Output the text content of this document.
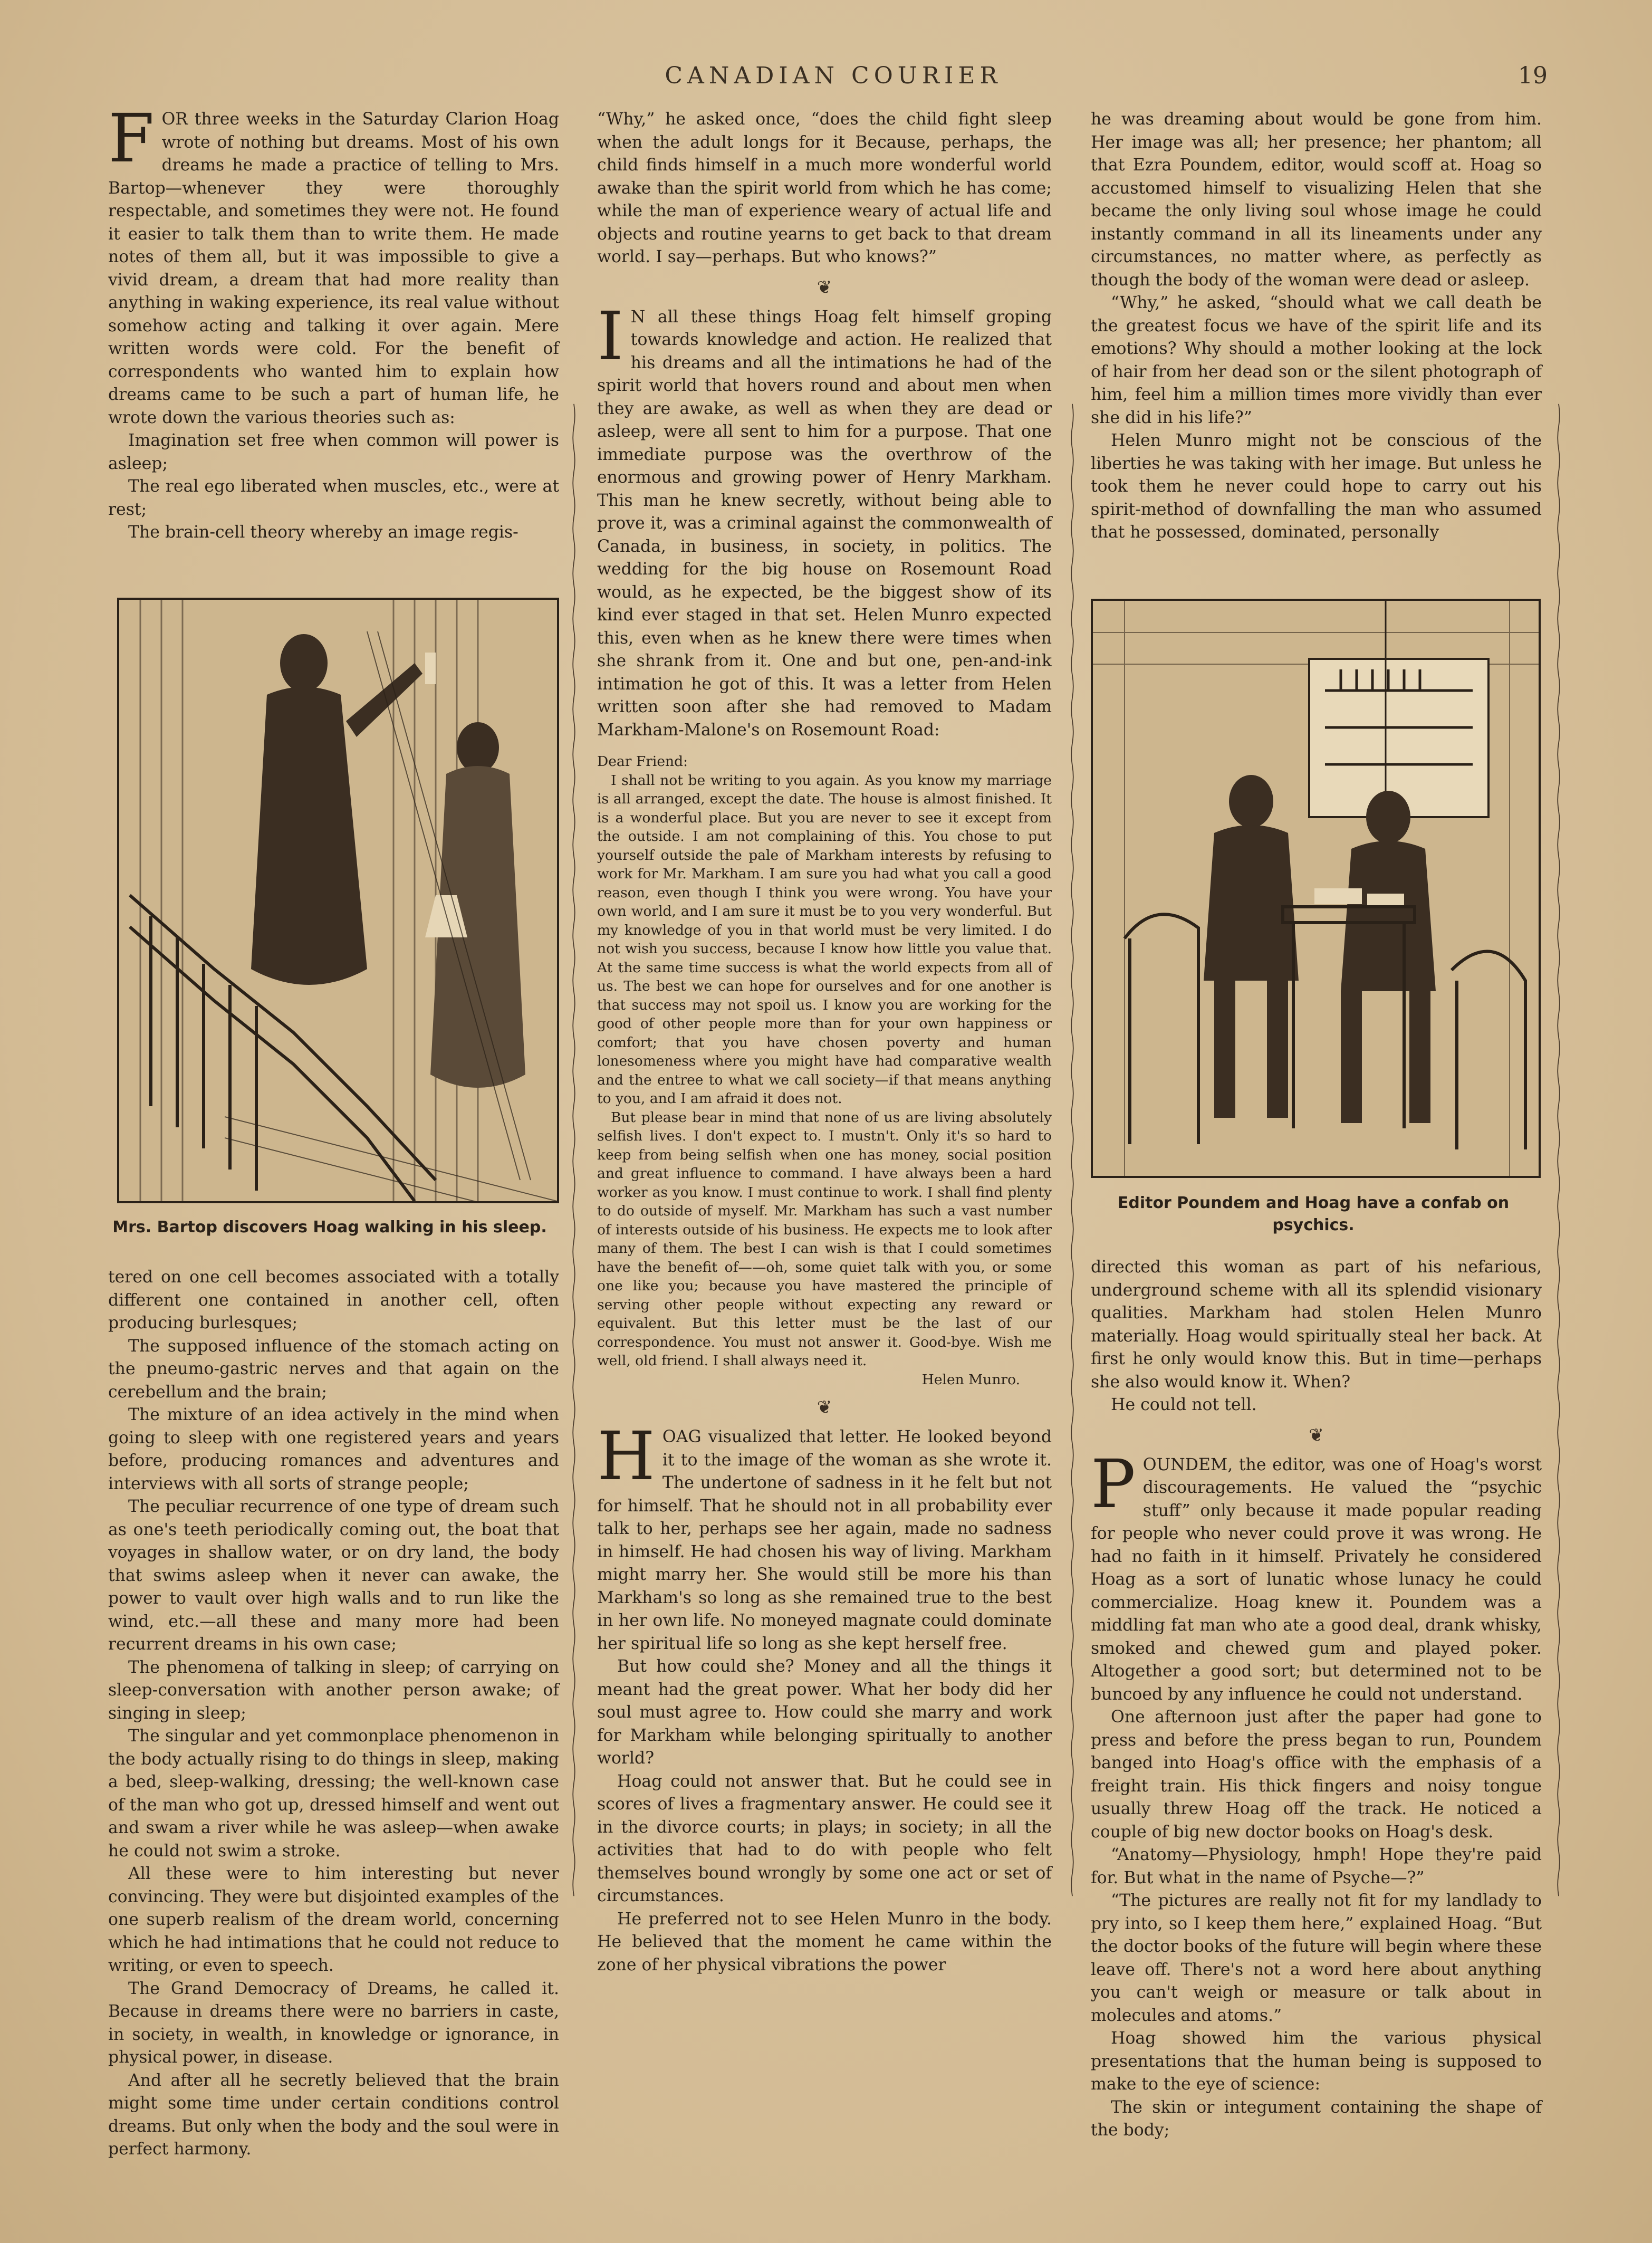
CANADIAN COURIER	19

FOR three weeks in the Saturday Clarion Hoag wrote of nothing but dreams. Most of his own dreams he made a practice of telling to Mrs. Bartop—whenever they were thoroughly respectable, and sometimes they were not. He found it easier to talk them than to write them. He made notes of them all, but it was impossible to give a vivid dream, a dream that had more reality than anything in waking experience, its real value without somehow acting and talking it over again. Mere written words were cold. For the benefit of correspondents who wanted him to explain how dreams came to be such a part of human life, he wrote down the various theories such as:

Imagination set free when common will power is asleep;

The real ego liberated when muscles, etc., were at rest;

The brain-cell theory whereby an image regis-

Mrs. Bartop discovers Hoag walking in his sleep.

tered on one cell becomes associated with a totally different one contained in another cell, often producing burlesques;

The supposed influence of the stomach acting on the pneumo-gastric nerves and that again on the cerebellum and the brain;

The mixture of an idea actively in the mind when going to sleep with one registered years and years before, producing romances and adventures and interviews with all sorts of strange people;

The peculiar recurrence of one type of dream such as one's teeth periodically coming out, the boat that voyages in shallow water, or on dry land, the body that swims asleep when it never can awake, the power to vault over high walls and to run like the wind, etc.—all these and many more had been recurrent dreams in his own case;

The phenomena of talking in sleep; of carrying on sleep-conversation with another person awake; of singing in sleep;

The singular and yet commonplace phenomenon in the body actually rising to do things in sleep, making a bed, sleep-walking, dressing; the well-known case of the man who got up, dressed himself and went out and swam a river while he was asleep—when awake he could not swim a stroke.

All these were to him interesting but never convincing. They were but disjointed examples of the one superb realism of the dream world, concerning which he had intimations that he could not reduce to writing, or even to speech.

The Grand Democracy of Dreams, he called it. Because in dreams there were no barriers in caste, in society, in wealth, in knowledge or ignorance, in physical power, in disease.

And after all he secretly believed that the brain might some time under certain conditions control dreams. But only when the body and the soul were in perfect harmony.

“Why,” he asked once, “does the child fight sleep when the adult longs for it Because, perhaps, the child finds himself in a much more wonderful world awake than the spirit world from which he has come; while the man of experience weary of actual life and objects and routine yearns to get back to that dream world. I say—perhaps. But who knows?”

❦

I N all these things Hoag felt himself groping towards knowledge and action. He realized that his dreams and all the intimations he had of the spirit world that hovers round and about men when they are awake, as well as when they are dead or asleep, were all sent to him for a purpose. That one immediate purpose was the overthrow of the enormous and growing power of Henry Markham. This man he knew secretly, without being able to prove it, was a criminal against the commonwealth of Canada, in business, in society, in politics. The wedding for the big house on Rosemount Road would, as he expected, be the biggest show of its kind ever staged in that set. Helen Munro expected this, even when as he knew there were times when she shrank from it. One and but one, pen-and-ink intimation he got of this. It was a letter from Helen written soon after she had removed to Madam Markham-Malone's on Rosemount Road:

Dear Friend:

I shall not be writing to you again. As you know my marriage is all arranged, except the date. The house is almost finished. It is a wonderful place. But you are never to see it except from the outside. I am not complaining of this. You chose to put yourself outside the pale of Markham interests by refusing to work for Mr. Markham. I am sure you had what you call a good reason, even though I think you were wrong. You have your own world, and I am sure it must be to you very wonderful. But my knowledge of you in that world must be very limited. I do not wish you success, because I know how little you value that. At the same time success is what the world expects from all of us. The best we can hope for ourselves and for one another is that success may not spoil us. I know you are working for the good of other people more than for your own happiness or comfort; that you have chosen poverty and human lonesomeness where you might have had comparative wealth and the entree to what we call society—if that means anything to you, and I am afraid it does not.

But please bear in mind that none of us are living absolutely selfish lives. I don't expect to. I mustn't. Only it's so hard to keep from being selfish when one has money, social position and great influence to command. I have always been a hard worker as you know. I must continue to work. I shall find plenty to do outside of myself. Mr. Markham has such a vast number of interests outside of his business. He expects me to look after many of them. The best I can wish is that I could sometimes have the benefit of——oh, some quiet talk with you, or some one like you; because you have mastered the principle of serving other people without expecting any reward or equivalent. But this letter must be the last of our correspondence. You must not answer it. Good-bye. Wish me well, old friend. I shall always need it.

Helen Munro.

❦

HOAG visualized that letter. He looked beyond it to the image of the woman as she wrote it. The undertone of sadness in it he felt but not for himself. That he should not in all probability ever talk to her, perhaps see her again, made no sadness in himself. He had chosen his way of living. Markham might marry her. She would still be more his than Markham's so long as she remained true to the best in her own life. No moneyed magnate could dominate her spiritual life so long as she kept herself free.

But how could she? Money and all the things it meant had the great power. What her body did her soul must agree to. How could she marry and work for Markham while belonging spiritually to another world?

Hoag could not answer that. But he could see in scores of lives a fragmentary answer. He could see it in the divorce courts; in plays; in society; in all the activities that had to do with people who felt themselves bound wrongly by some one act or set of circumstances.

He preferred not to see Helen Munro in the body. He believed that the moment he came within the zone of her physical vibrations the power

he was dreaming about would be gone from him. Her image was all; her presence; her phantom; all that Ezra Poundem, editor, would scoff at. Hoag so accustomed himself to visualizing Helen that she became the only living soul whose image he could instantly command in all its lineaments under any circumstances, no matter where, as perfectly as though the body of the woman were dead or asleep.

“Why,” he asked, “should what we call death be the greatest focus we have of the spirit life and its emotions? Why should a mother looking at the lock of hair from her dead son or the silent photograph of him, feel him a million times more vividly than ever she did in his life?”

Helen Munro might not be conscious of the liberties he was taking with her image. But unless he took them he never could hope to carry out his spirit-method of downfalling the man who assumed that he possessed, dominated, personally

Editor Poundem and Hoag have a confab on psychics.

directed this woman as part of his nefarious, underground scheme with all its splendid visionary qualities. Markham had stolen Helen Munro materially. Hoag would spiritually steal her back. At first he only would know this. But in time—perhaps she also would know it. When?

He could not tell.

❦

POUNDEM, the editor, was one of Hoag's worst discouragements. He valued the “psychic stuff” only because it made popular reading for people who never could prove it was wrong. He had no faith in it himself. Privately he considered Hoag as a sort of lunatic whose lunacy he could commercialize. Hoag knew it. Poundem was a middling fat man who ate a good deal, drank whisky, smoked and chewed gum and played poker. Altogether a good sort; but determined not to be buncoed by any influence he could not understand.

One afternoon just after the paper had gone to press and before the press began to run, Poundem banged into Hoag's office with the emphasis of a freight train. His thick fingers and noisy tongue usually threw Hoag off the track. He noticed a couple of big new doctor books on Hoag's desk.

“Anatomy—Physiology, hmph! Hope they're paid for. But what in the name of Psyche—?”

“The pictures are really not fit for my landlady to pry into, so I keep them here,” explained Hoag. “But the doctor books of the future will begin where these leave off. There's not a word here about anything you can't weigh or measure or talk about in molecules and atoms.”

Hoag showed him the various physical presentations that the human being is supposed to make to the eye of science:

The skin or integument containing the shape of the body;
